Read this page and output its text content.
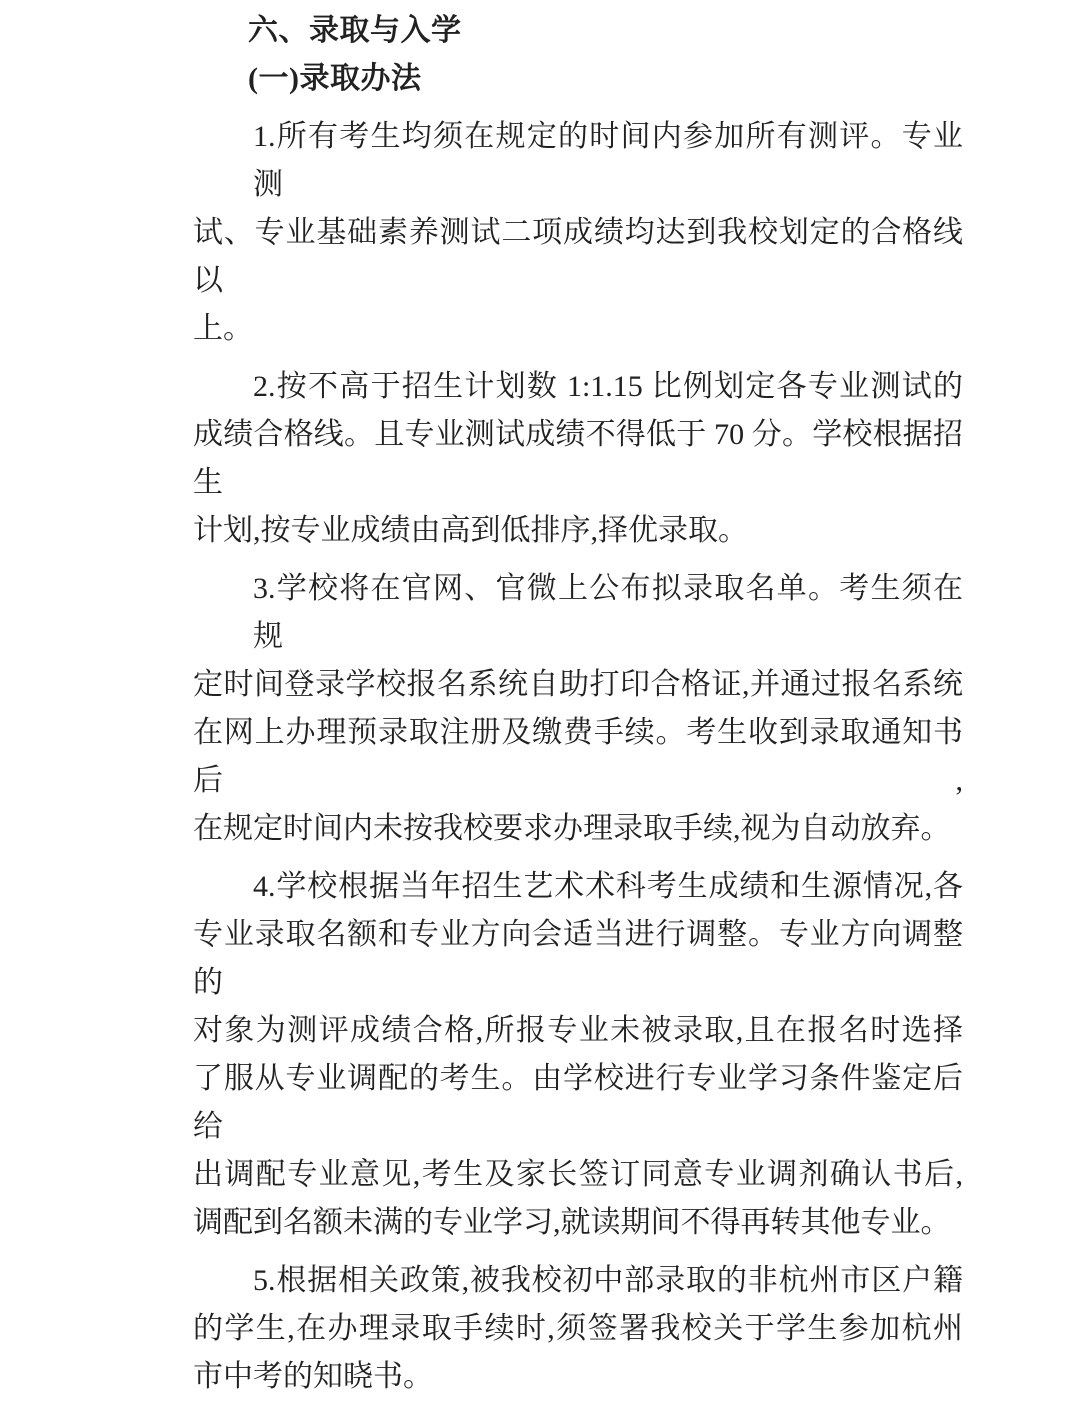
六、录取与入学
(一)录取办法
1.所有考生均须在规定的时间内参加所有测评。专业测
试、专业基础素养测试二项成绩均达到我校划定的合格线以
上。
2.按不高于招生计划数 1:1.15 比例划定各专业测试的
成绩合格线。且专业测试成绩不得低于 70 分。学校根据招生
计划,按专业成绩由高到低排序,择优录取。
3.学校将在官网、官微上公布拟录取名单。考生须在规
定时间登录学校报名系统自助打印合格证,并通过报名系统
在网上办理预录取注册及缴费手续。考生收到录取通知书后,
在规定时间内未按我校要求办理录取手续,视为自动放弃。
4.学校根据当年招生艺术术科考生成绩和生源情况,各
专业录取名额和专业方向会适当进行调整。专业方向调整的
对象为测评成绩合格,所报专业未被录取,且在报名时选择
了服从专业调配的考生。由学校进行专业学习条件鉴定后给
出调配专业意见,考生及家长签订同意专业调剂确认书后,
调配到名额未满的专业学习,就读期间不得再转其他专业。
5.根据相关政策,被我校初中部录取的非杭州市区户籍
的学生,在办理录取手续时,须签署我校关于学生参加杭州
市中考的知晓书。
